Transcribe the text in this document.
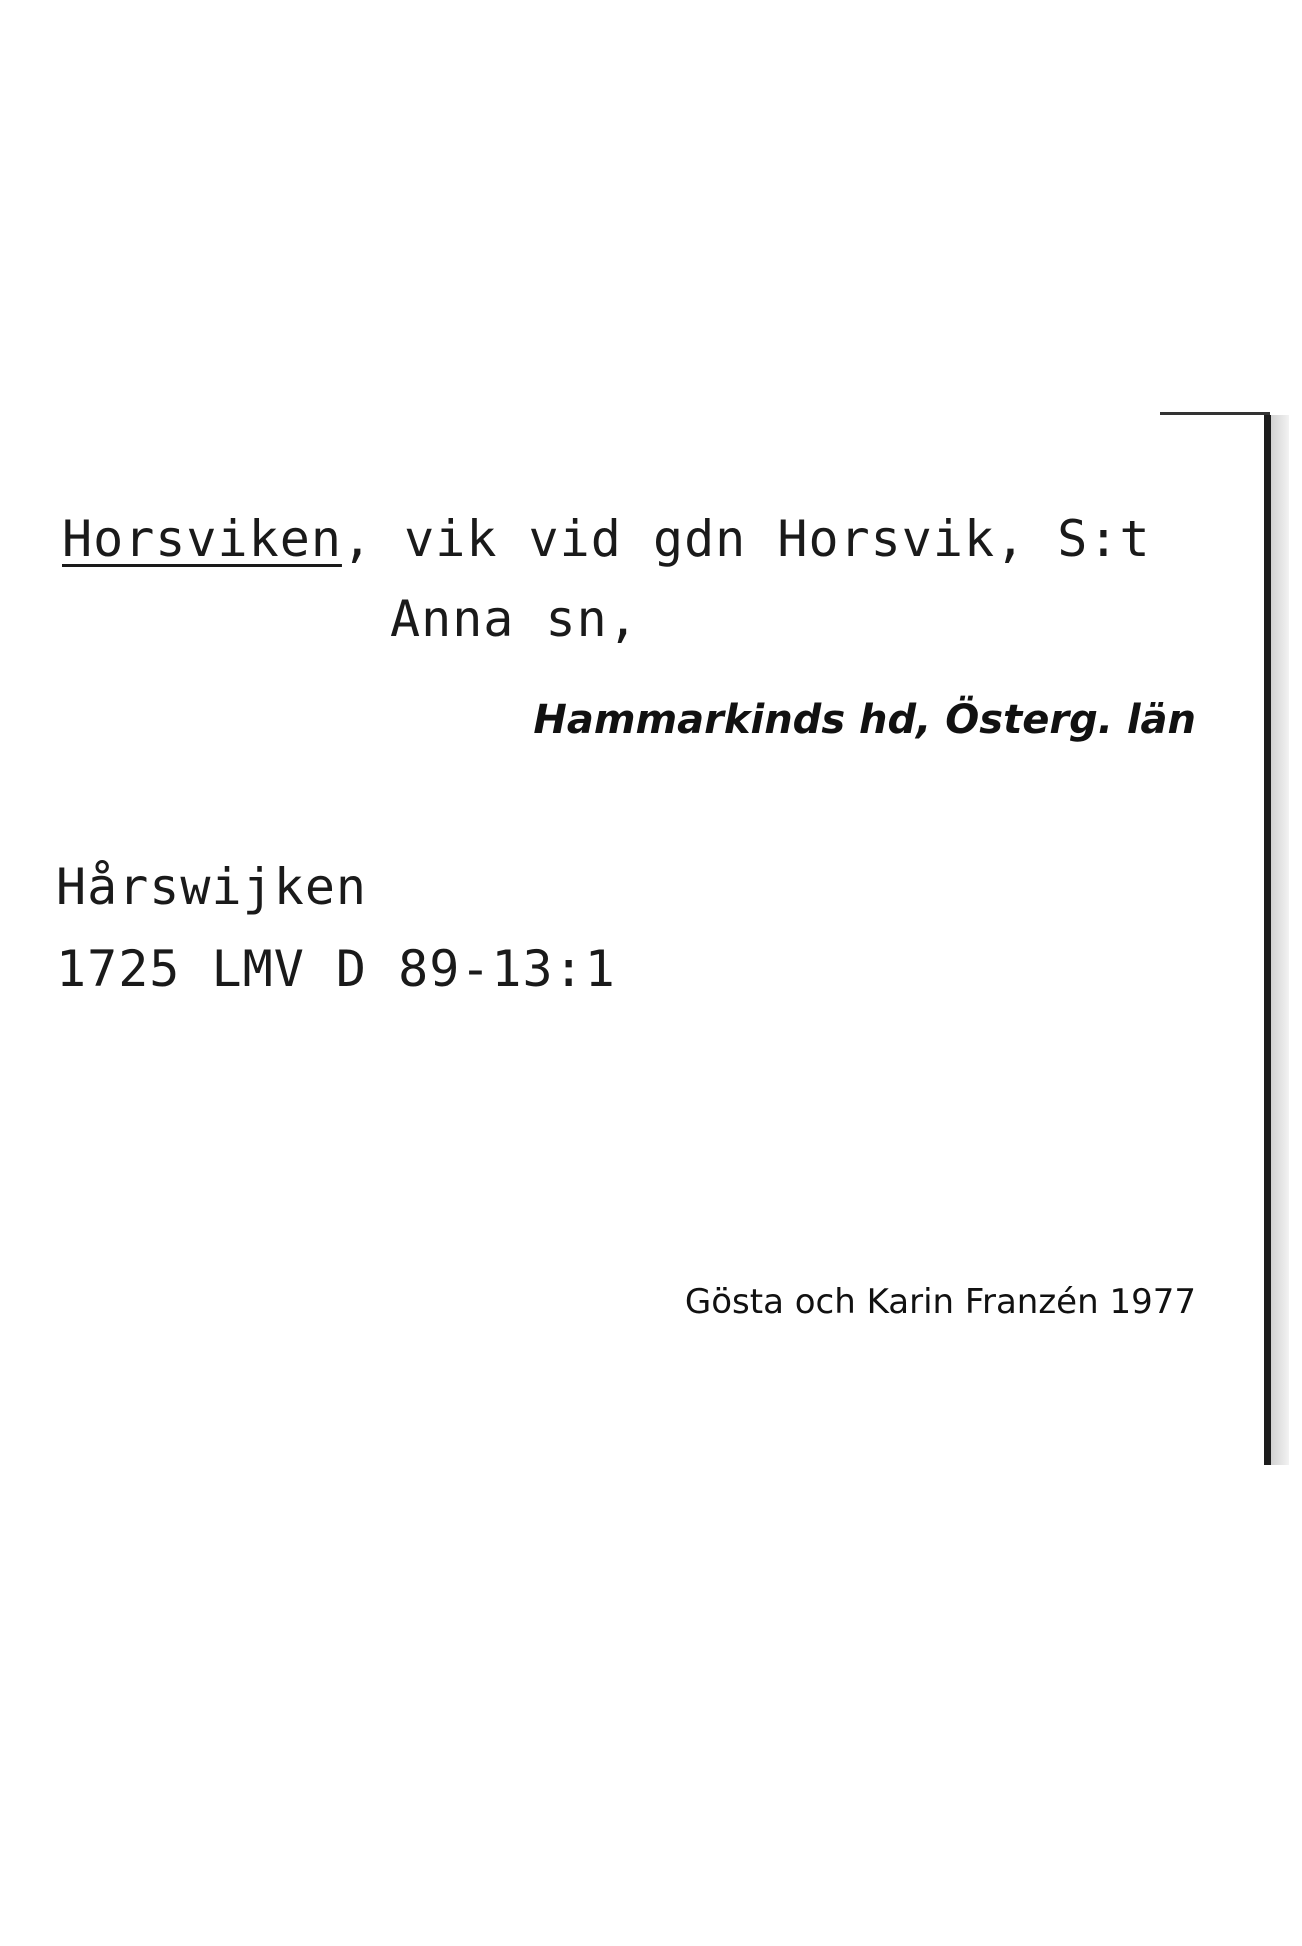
Horsviken, vik vid gdn Horsvik, S:t
Anna sn,
Hammarkinds hd, Österg. län
Hårswijken
1725 LMV D 89-13:1
Gösta och Karin Franzén 1977
